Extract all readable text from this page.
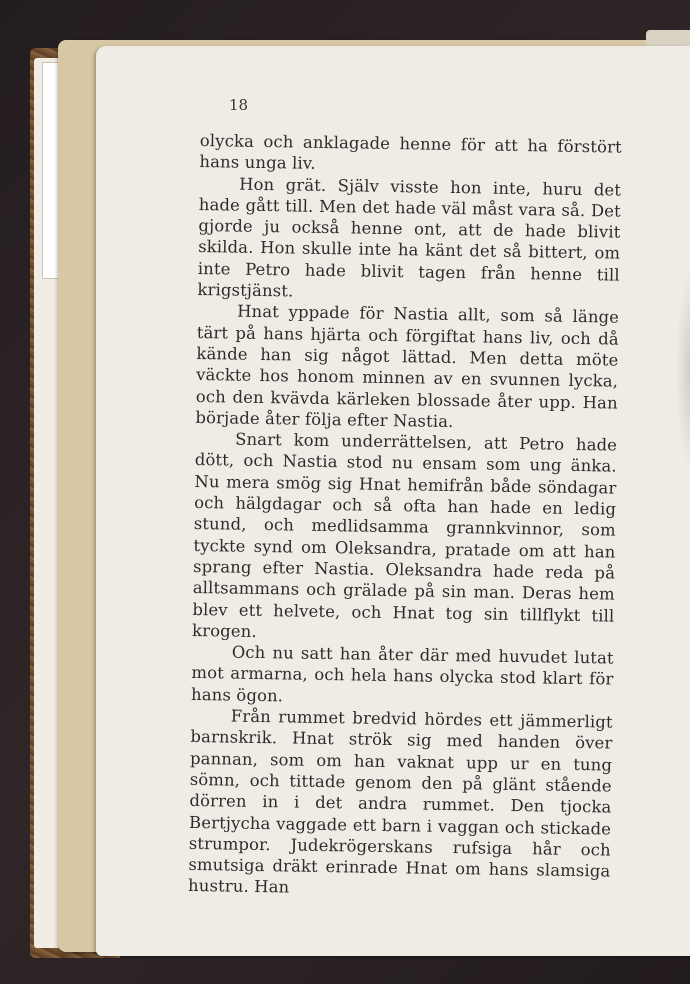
18

olycka och anklagade henne för att ha förstört hans unga liv.

Hon grät. Själv visste hon inte, huru det hade gått till. Men det hade väl måst vara så. Det gjorde ju också henne ont, att de hade blivit skilda. Hon skulle inte ha känt det så bittert, om inte Petro hade blivit tagen från henne till krigstjänst.

Hnat yppade för Nastia allt, som så länge tärt på hans hjärta och förgiftat hans liv, och då kände han sig något lättad. Men detta möte väckte hos honom minnen av en svunnen lycka, och den kvävda kärleken blossade åter upp. Han började åter följa efter Nastia.

Snart kom underrättelsen, att Petro hade dött, och Nastia stod nu ensam som ung änka. Nu mera smög sig Hnat hemifrån både söndagar och hälgdagar och så ofta han hade en ledig stund, och medlidsamma grannkvinnor, som tyckte synd om Oleksandra, pratade om att han sprang efter Nastia. Oleksandra hade reda på alltsammans och grälade på sin man. Deras hem blev ett helvete, och Hnat tog sin tillflykt till krogen.

Och nu satt han åter där med huvudet lutat mot armarna, och hela hans olycka stod klart för hans ögon.

Från rummet bredvid hördes ett jämmerligt barnskrik. Hnat strök sig med handen över pannan, som om han vaknat upp ur en tung sömn, och tittade genom den på glänt stående dörren in i det andra rummet. Den tjocka Bertjycha vaggade ett barn i vaggan och stickade strumpor. Judekrögerskans rufsiga hår och smutsiga dräkt erinrade Hnat om hans slamsiga hustru. Han
